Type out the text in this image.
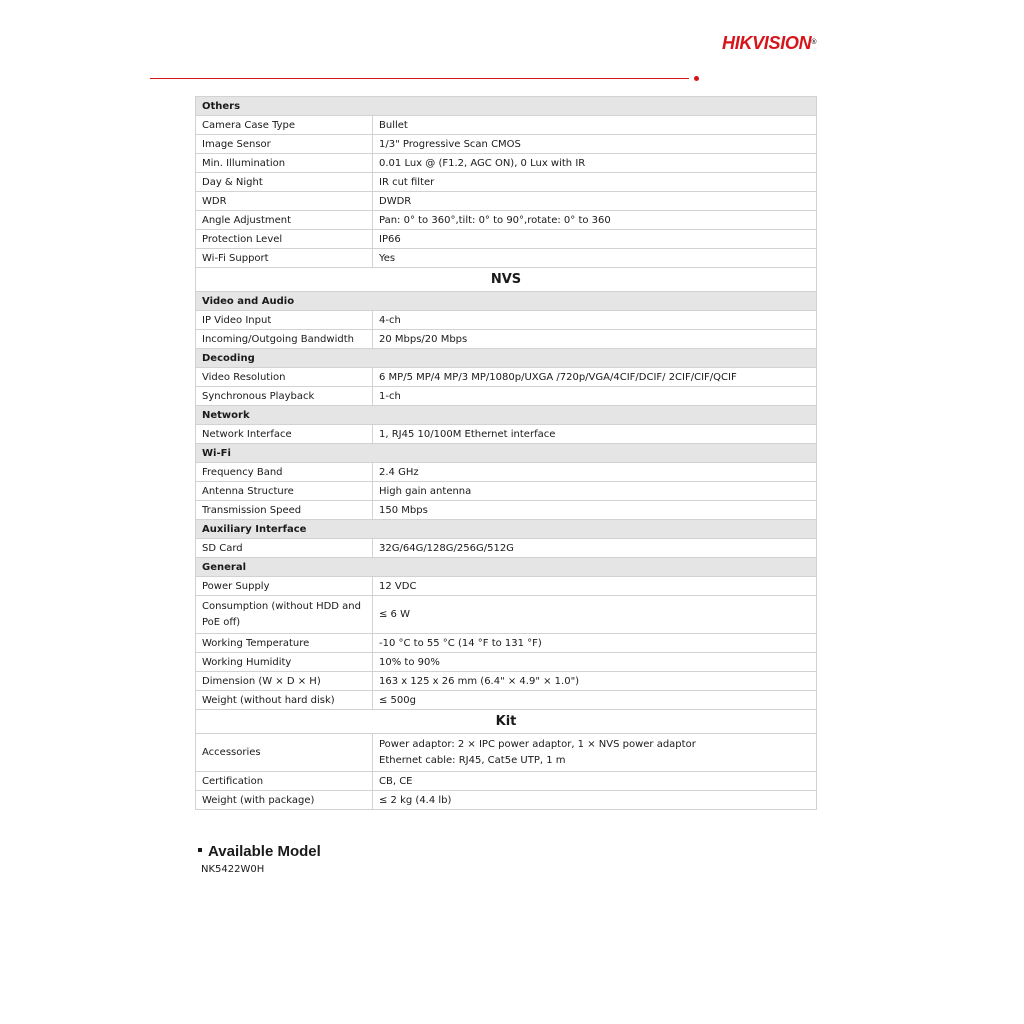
HIKVISION®
Others	
Camera Case Type	Bullet
Image Sensor	1/3" Progressive Scan CMOS
Min. Illumination	0.01 Lux @ (F1.2, AGC ON), 0 Lux with IR
Day & Night	IR cut filter
WDR	DWDR
Angle Adjustment	Pan: 0° to 360°,tilt: 0° to 90°,rotate: 0° to 360
Protection Level	IP66
Wi-Fi Support	Yes
NVS	
Video and Audio	
IP Video Input	4-ch
Incoming/Outgoing Bandwidth	20 Mbps/20 Mbps
Decoding	
Video Resolution	6 MP/5 MP/4 MP/3 MP/1080p/UXGA /720p/VGA/4CIF/DCIF/ 2CIF/CIF/QCIF
Synchronous Playback	1-ch
Network	
Network Interface	1, RJ45 10/100M Ethernet interface
Wi-Fi	
Frequency Band	2.4 GHz
Antenna Structure	High gain antenna
Transmission Speed	150 Mbps
Auxiliary Interface	
SD Card	32G/64G/128G/256G/512G
General	
Power Supply	12 VDC

Consumption (without HDD and PoE off)	≤ 6 W
Working Temperature	-10 °C to 55 °C (14 °F to 131 °F)
Working Humidity	10% to 90%
Dimension (W × D × H)	163 x 125 x 26 mm (6.4" × 4.9" × 1.0")
Weight (without hard disk)	≤ 500g
Kit	
Accessories	Power adaptor: 2 × IPC power adaptor, 1 × NVS power adaptor
Ethernet cable: RJ45, Cat5e UTP, 1 m

Certification	CB, CE
Weight (with package)	≤ 2 kg (4.4 lb)
Available Model
NK5422W0H
